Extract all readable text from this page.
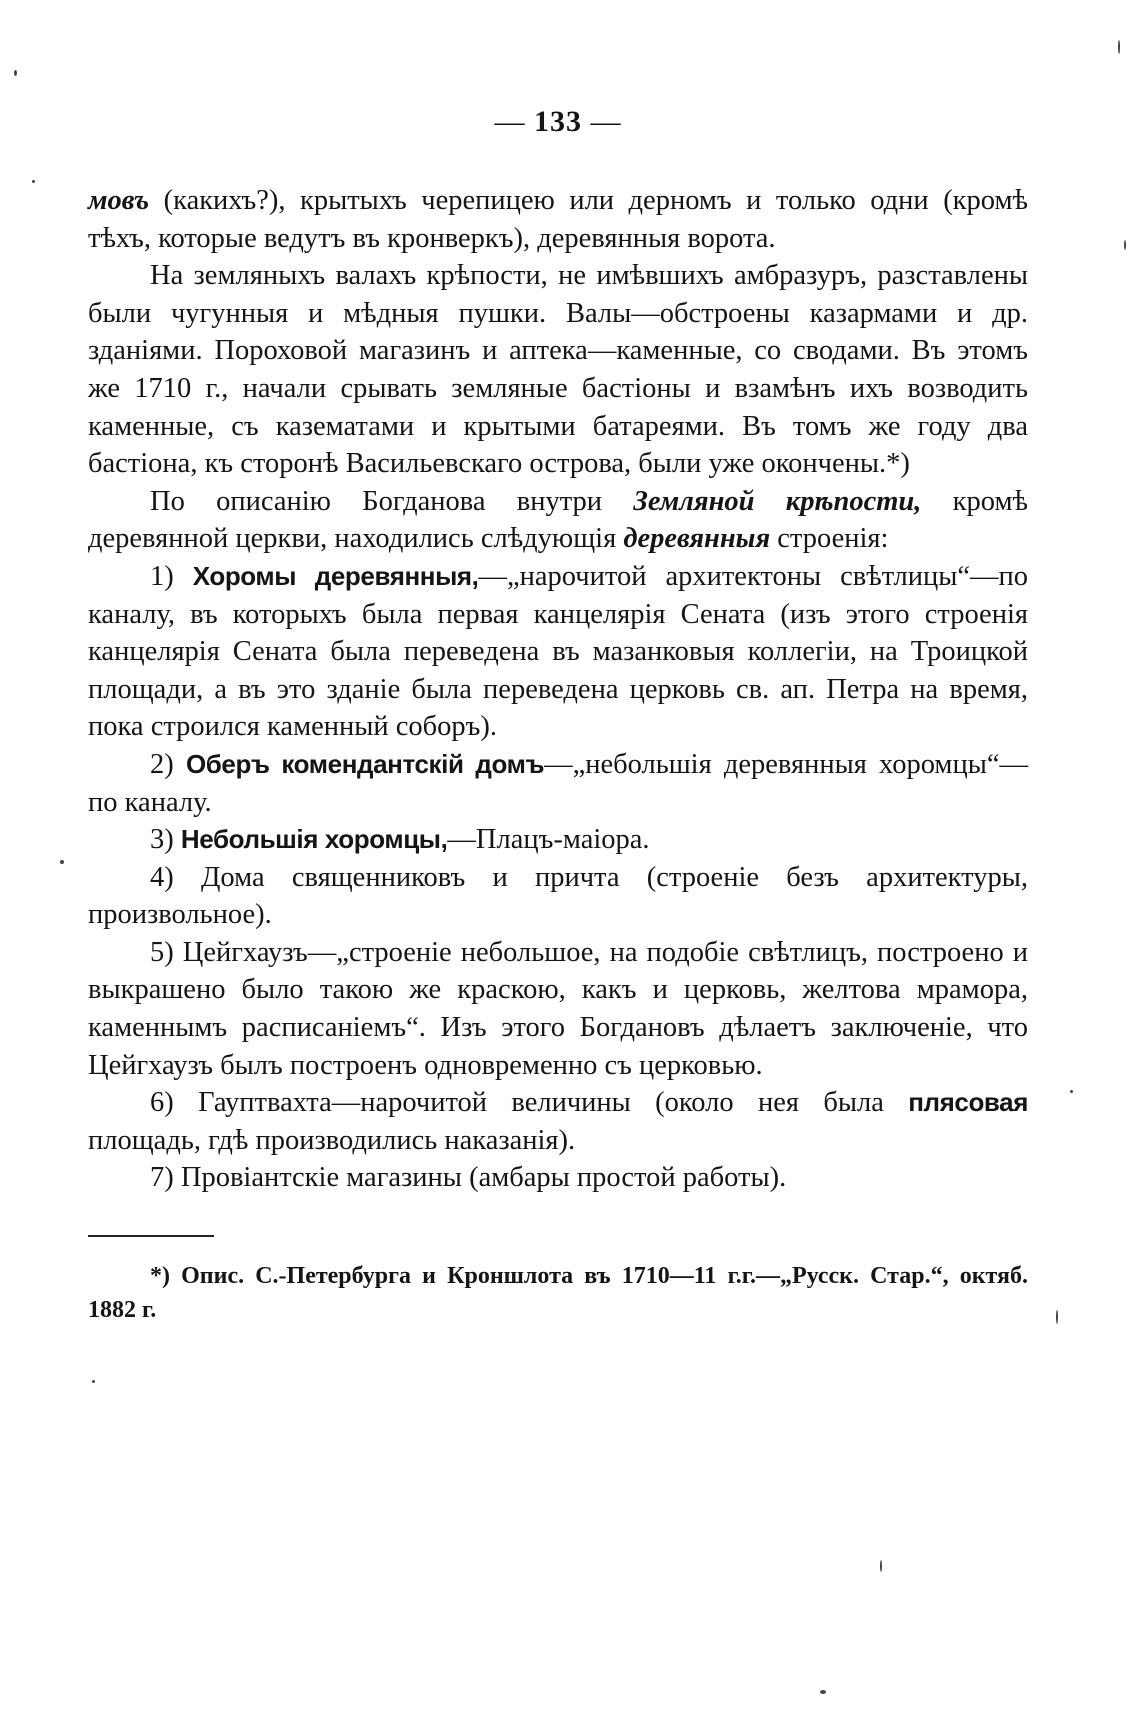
— 133 —

мовъ (какихъ?), крытыхъ черепицею или дерномъ и только одни (кромѣ тѣхъ, которые ведутъ въ кронверкъ), деревянныя ворота.

На земляныхъ валахъ крѣпости, не имѣвшихъ амбразуръ, разставлены были чугунныя и мѣдныя пушки. Валы—обстроены казармами и др. зданіями. Пороховой магазинъ и аптека—каменные, со сводами. Въ этомъ же 1710 г., начали срывать земляные бастіоны и взамѣнъ ихъ возводить каменные, съ казематами и крытыми батареями. Въ томъ же году два бастіона, къ сторонѣ Васильевскаго острова, были уже окончены.*)

По описанію Богданова внутри Земляной крѣпости, кромѣ деревянной церкви, находились слѣдующія деревянныя строенія:

1) Хоромы деревянныя,—„нарочитой архитектоны свѣтлицы“—по каналу, въ которыхъ была первая канцелярія Сената (изъ этого строенія канцелярія Сената была переведена въ мазанковыя коллегіи, на Троицкой площади, а въ это зданіе была переведена церковь св. ап. Петра на время, пока строился каменный соборъ).

2) Оберъ комендантскій домъ—„небольшія деревянныя хоромцы“—по каналу.

3) Небольшія хоромцы,—Плацъ-маіора.

4) Дома священниковъ и причта (строеніе безъ архитектуры, произвольное).

5) Цейгхаузъ—„строеніе небольшое, на подобіе свѣтлицъ, построено и выкрашено было такою же краскою, какъ и церковь, желтова мрамора, каменнымъ расписаніемъ“. Изъ этого Богдановъ дѣлаетъ заключеніе, что Цейгхаузъ былъ построенъ одновременно съ церковью.

6) Гауптвахта—нарочитой величины (около нея была плясовая площадь, гдѣ производились наказанія).

7) Провіантскіе магазины (амбары простой работы).

*) Опис. С.-Петербурга и Кроншлота въ 1710—11 г.г.—„Русск. Стар.“, октяб. 1882 г.
